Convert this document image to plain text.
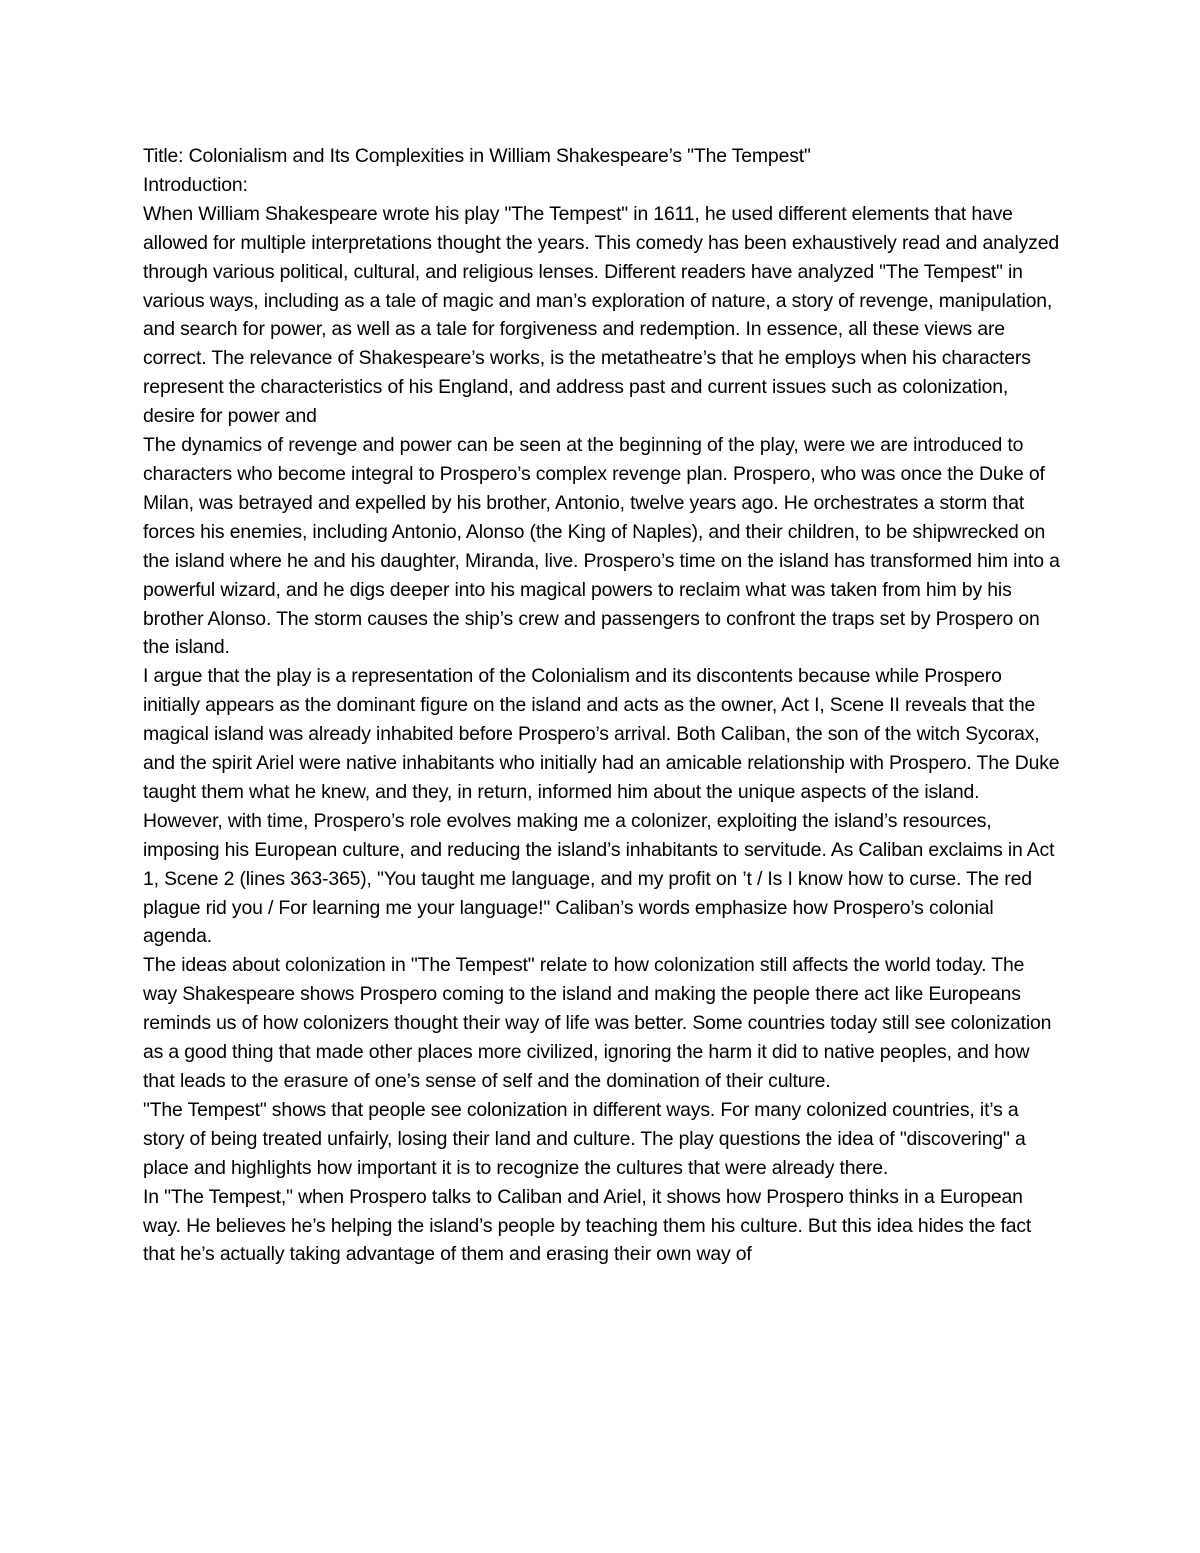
Title: Colonialism and Its Complexities in William Shakespeare’s "The Tempest"

Introduction:

When William Shakespeare wrote his play "The Tempest" in 1611, he used different elements that have allowed for multiple interpretations thought the years. This comedy has been exhaustively read and analyzed through various political, cultural, and religious lenses. Different readers have analyzed "The Tempest" in various ways, including as a tale of magic and man’s exploration of nature, a story of revenge, manipulation, and search for power, as well as a tale for forgiveness and redemption. In essence, all these views are correct. The relevance of Shakespeare’s works, is the metatheatre’s that he employs when his characters represent the characteristics of his England, and address past and current issues such as colonization, desire for power and

The dynamics of revenge and power can be seen at the beginning of the play, were we are introduced to characters who become integral to Prospero’s complex revenge plan. Prospero, who was once the Duke of Milan, was betrayed and expelled by his brother, Antonio, twelve years ago. He orchestrates a storm that forces his enemies, including Antonio, Alonso (the King of Naples), and their children, to be shipwrecked on the island where he and his daughter, Miranda, live. Prospero’s time on the island has transformed him into a powerful wizard, and he digs deeper into his magical powers to reclaim what was taken from him by his brother Alonso. The storm causes the ship’s crew and passengers to confront the traps set by Prospero on the island.

I argue that the play is a representation of the Colonialism and its discontents because while Prospero initially appears as the dominant figure on the island and acts as the owner, Act I, Scene II reveals that the magical island was already inhabited before Prospero’s arrival. Both Caliban, the son of the witch Sycorax, and the spirit Ariel were native inhabitants who initially had an amicable relationship with Prospero. The Duke taught them what he knew, and they, in return, informed him about the unique aspects of the island. However, with time, Prospero’s role evolves making me a colonizer, exploiting the island’s resources, imposing his European culture, and reducing the island’s inhabitants to servitude. As Caliban exclaims in Act 1, Scene 2 (lines 363-365), "You taught me language, and my profit on ’t / Is I know how to curse. The red plague rid you / For learning me your language!" Caliban’s words emphasize how Prospero’s colonial agenda.

The ideas about colonization in "The Tempest" relate to how colonization still affects the world today. The way Shakespeare shows Prospero coming to the island and making the people there act like Europeans reminds us of how colonizers thought their way of life was better. Some countries today still see colonization as a good thing that made other places more civilized, ignoring the harm it did to native peoples, and how that leads to the erasure of one’s sense of self and the domination of their culture.

"The Tempest" shows that people see colonization in different ways. For many colonized countries, it’s a story of being treated unfairly, losing their land and culture. The play questions the idea of "discovering" a place and highlights how important it is to recognize the cultures that were already there.

In "The Tempest," when Prospero talks to Caliban and Ariel, it shows how Prospero thinks in a European way. He believes he’s helping the island’s people by teaching them his culture. But this idea hides the fact that he’s actually taking advantage of them and erasing their own way of
